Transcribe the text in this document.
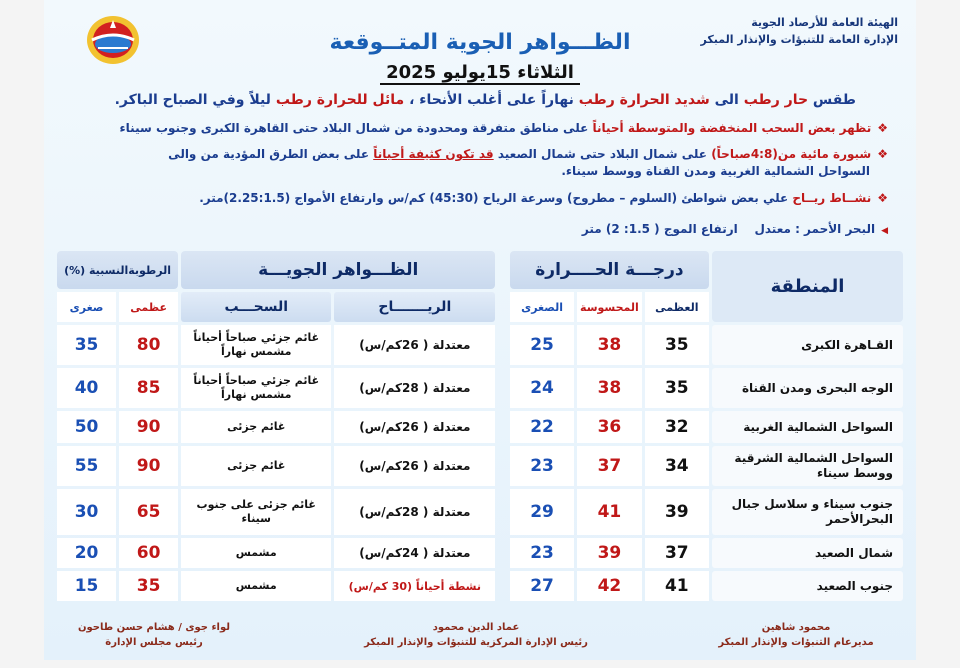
الهيئة العامة للأرصاد الجوية
الإدارة العامة للتنبؤات والإنذار المبكر
الظـــواهر الجوية المتــوقعة
الثلاثاء 15يوليو 2025
طقس حار رطب الى شديد الحرارة رطب نهاراً على أغلب الأنحاء ، مائل للحرارة رطب ليلاً وفي الصباح الباكر.
❖تظهر بعض السحب المنخفضة والمتوسطة أحياناً على مناطق متفرقة ومحدودة من شمال البلاد حتى القاهرة الكبرى وجنوب سيناء
❖شبورة مائية من(4:8صباحاً) على شمال البلاد حتى شمال الصعيد قد تكون كثيفة أحياناً على بعض الطرق المؤدية من والى
السواحل الشمالية الغربية ومدن القناة ووسط سيناء.
❖نشــاط ريــاح علي بعض شواطئ (السلوم – مطروح) وسرعة الرياح (45:30) كم/س وارتفاع الأمواج (2.25:1.5)متر.
◀البحر الأحمر : معتدل    ارتفاع الموج ( 1.5: 2) متر
المنطقة	درجـــة الحــــرارة				الظـــواهر الجويـــة		الرطوبةالنسبية (%)	
	العظمى	المحسوسة	الصغرى		الريـــــــاح	السحـــب	عظمى	صغرى
القـاهرة الكبرى	35	38	25		معتدلة ( 26كم/س)	غائم جزئي صباحاً أحياناً مشمس نهاراً	80	35
الوجه البحرى ومدن القناة	35	38	24		معتدلة ( 28كم/س)	غائم جزئي صباحاً أحياناً مشمس نهاراً	85	40
السواحل الشمالية الغربية	32	36	22		معتدلة ( 26كم/س)	غائم جزئى	90	50
السواحل الشمالية الشرقية ووسط سيناء	34	37	23		معتدلة ( 26كم/س)	غائم جزئى	90	55
جنوب سيناء و سلاسل جبال البحرالأحمر	39	41	29		معتدلة ( 28كم/س)	غائم جزئى على جنوب سيناء	65	30
شمال الصعيد	37	39	23		معتدلة ( 24كم/س)	مشمس	60	20
جنوب الصعيد	41	42	27		نشطة أحياناً (30 كم/س)	مشمس	35	15
محمود شاهين
مديرعام التنبؤات والإنذار المبكر
عماد الدين محمود
رئيس الإدارة المركزية للتنبؤات والإنذار المبكر
لواء جوى / هشام حسن طاحون
رئيس مجلس الإدارة
